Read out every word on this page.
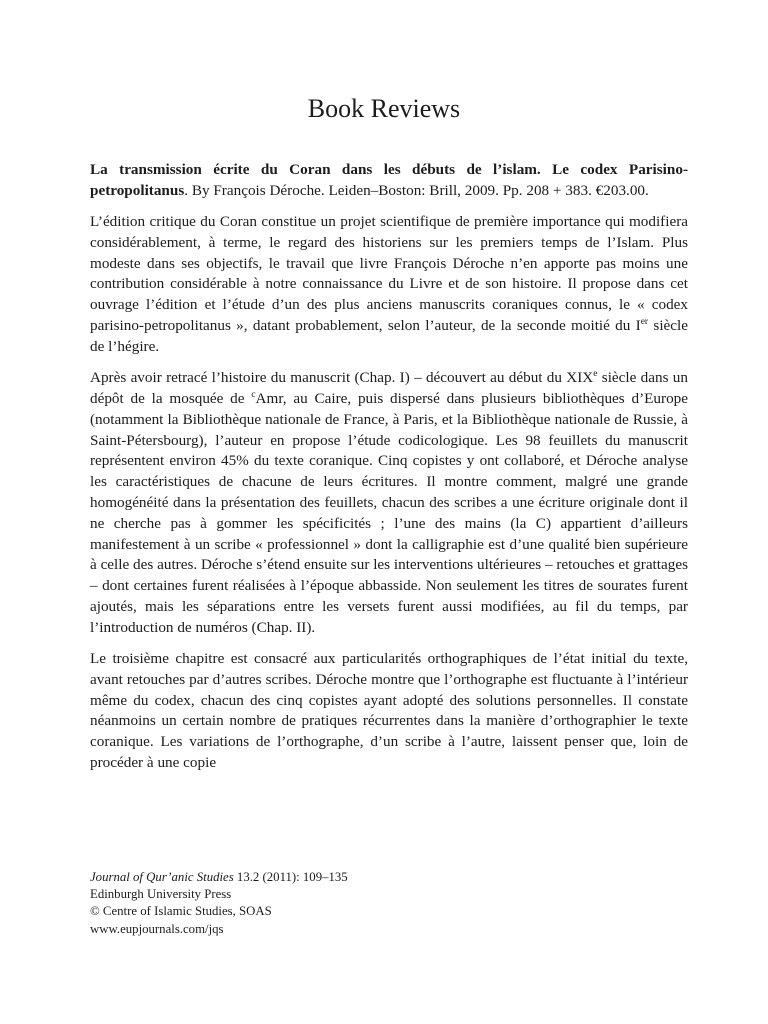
Book Reviews

La transmission écrite du Coran dans les débuts de l’islam. Le codex Parisino-petropolitanus. By François Déroche. Leiden–Boston: Brill, 2009. Pp. 208 + 383. €203.00.

L’édition critique du Coran constitue un projet scientifique de première importance qui modifiera considérablement, à terme, le regard des historiens sur les premiers temps de l’Islam. Plus modeste dans ses objectifs, le travail que livre François Déroche n’en apporte pas moins une contribution considérable à notre connaissance du Livre et de son histoire. Il propose dans cet ouvrage l’édition et l’étude d’un des plus anciens manuscrits coraniques connus, le « codex parisino-petropolitanus », datant probablement, selon l’auteur, de la seconde moitié du Ier siècle de l’hégire.

Après avoir retracé l’histoire du manuscrit (Chap. I) – découvert au début du XIXe siècle dans un dépôt de la mosquée de $^c$Amr, au Caire, puis dispersé dans plusieurs bibliothèques d’Europe (notamment la Bibliothèque nationale de France, à Paris, et la Bibliothèque nationale de Russie, à Saint-Pétersbourg), l’auteur en propose l’étude codicologique. Les 98 feuillets du manuscrit représentent environ 45% du texte coranique. Cinq copistes y ont collaboré, et Déroche analyse les caractéristiques de chacune de leurs écritures. Il montre comment, malgré une grande homogénéité dans la présentation des feuillets, chacun des scribes a une écriture originale dont il ne cherche pas à gommer les spécificités ; l’une des mains (la C) appartient d’ailleurs manifestement à un scribe « professionnel » dont la calligraphie est d’une qualité bien supérieure à celle des autres. Déroche s’étend ensuite sur les interventions ultérieures – retouches et grattages – dont certaines furent réalisées à l’époque abbasside. Non seulement les titres de sourates furent ajoutés, mais les séparations entre les versets furent aussi modifiées, au fil du temps, par l’introduction de numéros (Chap. II).

Le troisième chapitre est consacré aux particularités orthographiques de l’état initial du texte, avant retouches par d’autres scribes. Déroche montre que l’orthographe est fluctuante à l’intérieur même du codex, chacun des cinq copistes ayant adopté des solutions personnelles. Il constate néanmoins un certain nombre de pratiques récurrentes dans la manière d’orthographier le texte coranique. Les variations de l’orthographe, d’un scribe à l’autre, laissent penser que, loin de procéder à une copie

Journal of Qur’anic Studies 13.2 (2011): 109–135
Edinburgh University Press
© Centre of Islamic Studies, SOAS
www.eupjournals.com/jqs
